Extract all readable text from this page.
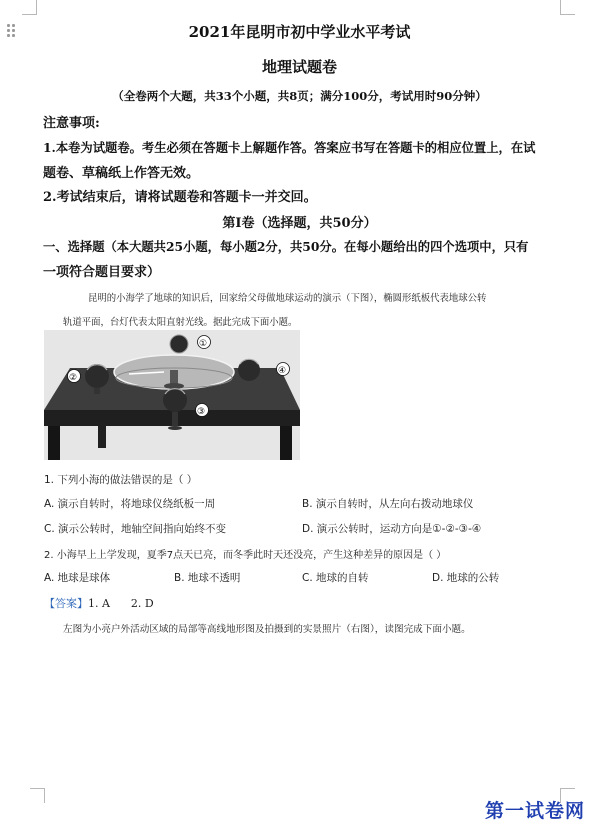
2021年昆明市初中学业水平考试
地理试题卷
（全卷两个大题，共33个小题，共8页；满分100分，考试用时90分钟）
注意事项:
1.本卷为试题卷。考生必须在答题卡上解题作答。答案应书写在答题卡的相应位置上，在试
题卷、草稿纸上作答无效。
2.考试结束后，请将试题卷和答题卡一并交回。
第Ⅰ卷（选择题，共50分）
一、选择题（本大题共25小题，每小题2分，共50分。在每小题给出的四个选项中，只有
一项符合题目要求）
昆明的小海学了地球的知识后，回家给父母做地球运动的演示（下图），椭圆形纸板代表地球公转
轨道平面，台灯代表太阳直射光线。据此完成下面小题。
①
②
③
④
1. 下列小海的做法错误的是（ ）
A. 演示自转时，将地球仪绕纸板一周	B. 演示自转时，从左向右拨动地球仪
C. 演示公转时，地轴空间指向始终不变	D. 演示公转时，运动方向是①-②-③-④
2. 小海早上上学发现，夏季7点天已亮，而冬季此时天还没亮，产生这种差异的原因是（ ）
A. 地球是球体	B. 地球不透明	C. 地球的自转	D. 地球的公转
【答案】1. A      2. D
左图为小亮户外活动区域的局部等高线地形图及拍摄到的实景照片（右图），读图完成下面小题。
第一试卷网
